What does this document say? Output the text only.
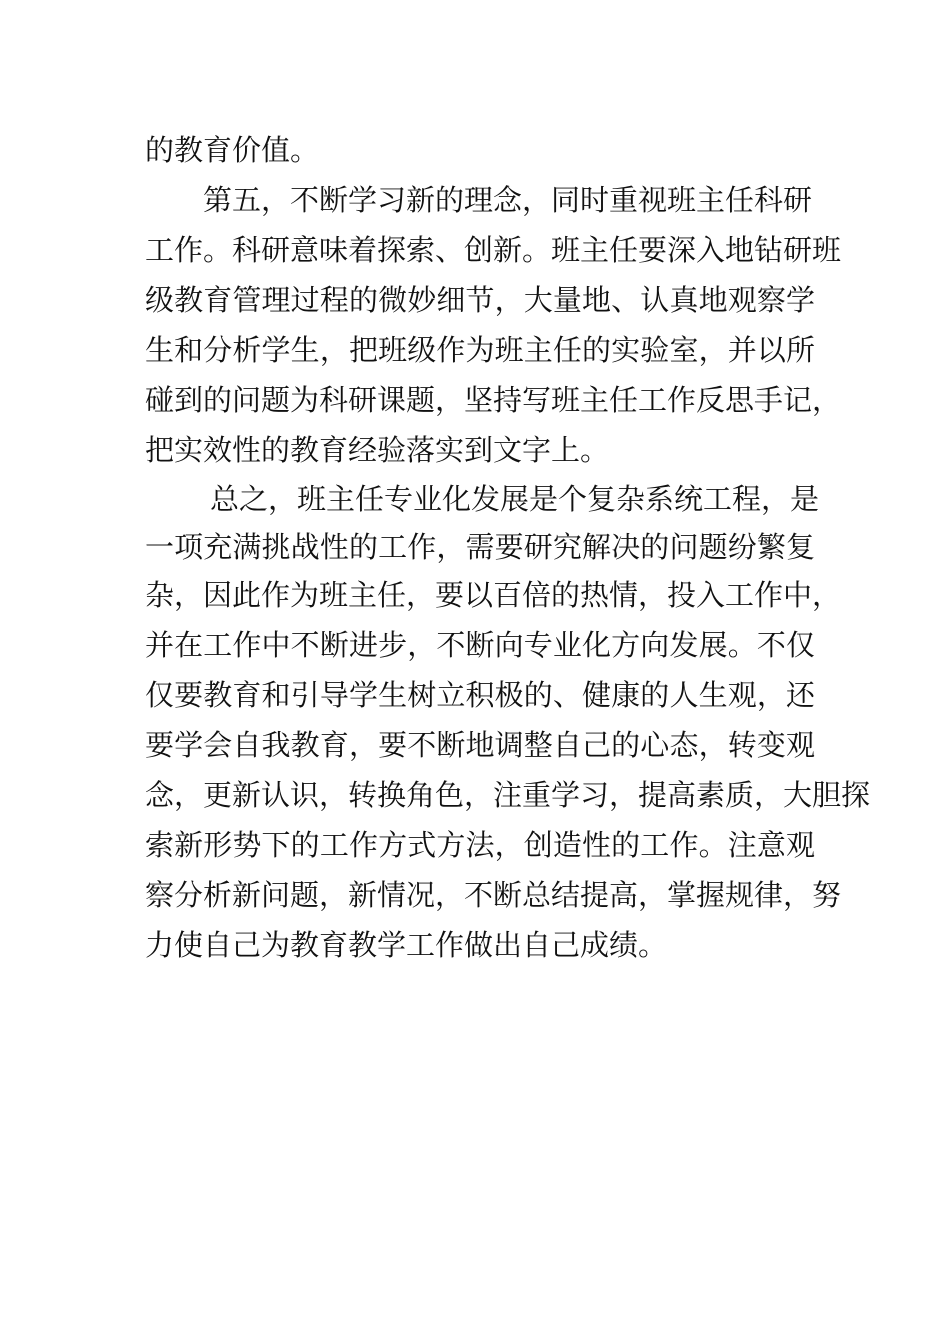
的教育价值。

第五，不断学习新的理念，同时重视班主任科研

工作。科研意味着探索、创新。班主任要深入地钻研班

级教育管理过程的微妙细节，大量地、认真地观察学

生和分析学生，把班级作为班主任的实验室，并以所

碰到的问题为科研课题，坚持写班主任工作反思手记，

把实效性的教育经验落实到文字上。

总之，班主任专业化发展是个复杂系统工程，是

一项充满挑战性的工作，需要研究解决的问题纷繁复

杂，因此作为班主任，要以百倍的热情，投入工作中，

并在工作中不断进步，不断向专业化方向发展。不仅

仅要教育和引导学生树立积极的、健康的人生观，还

要学会自我教育，要不断地调整自己的心态，转变观

念，更新认识，转换角色，注重学习，提高素质，大胆探

索新形势下的工作方式方法，创造性的工作。注意观

察分析新问题，新情况，不断总结提高，掌握规律，努

力使自己为教育教学工作做出自己成绩。
